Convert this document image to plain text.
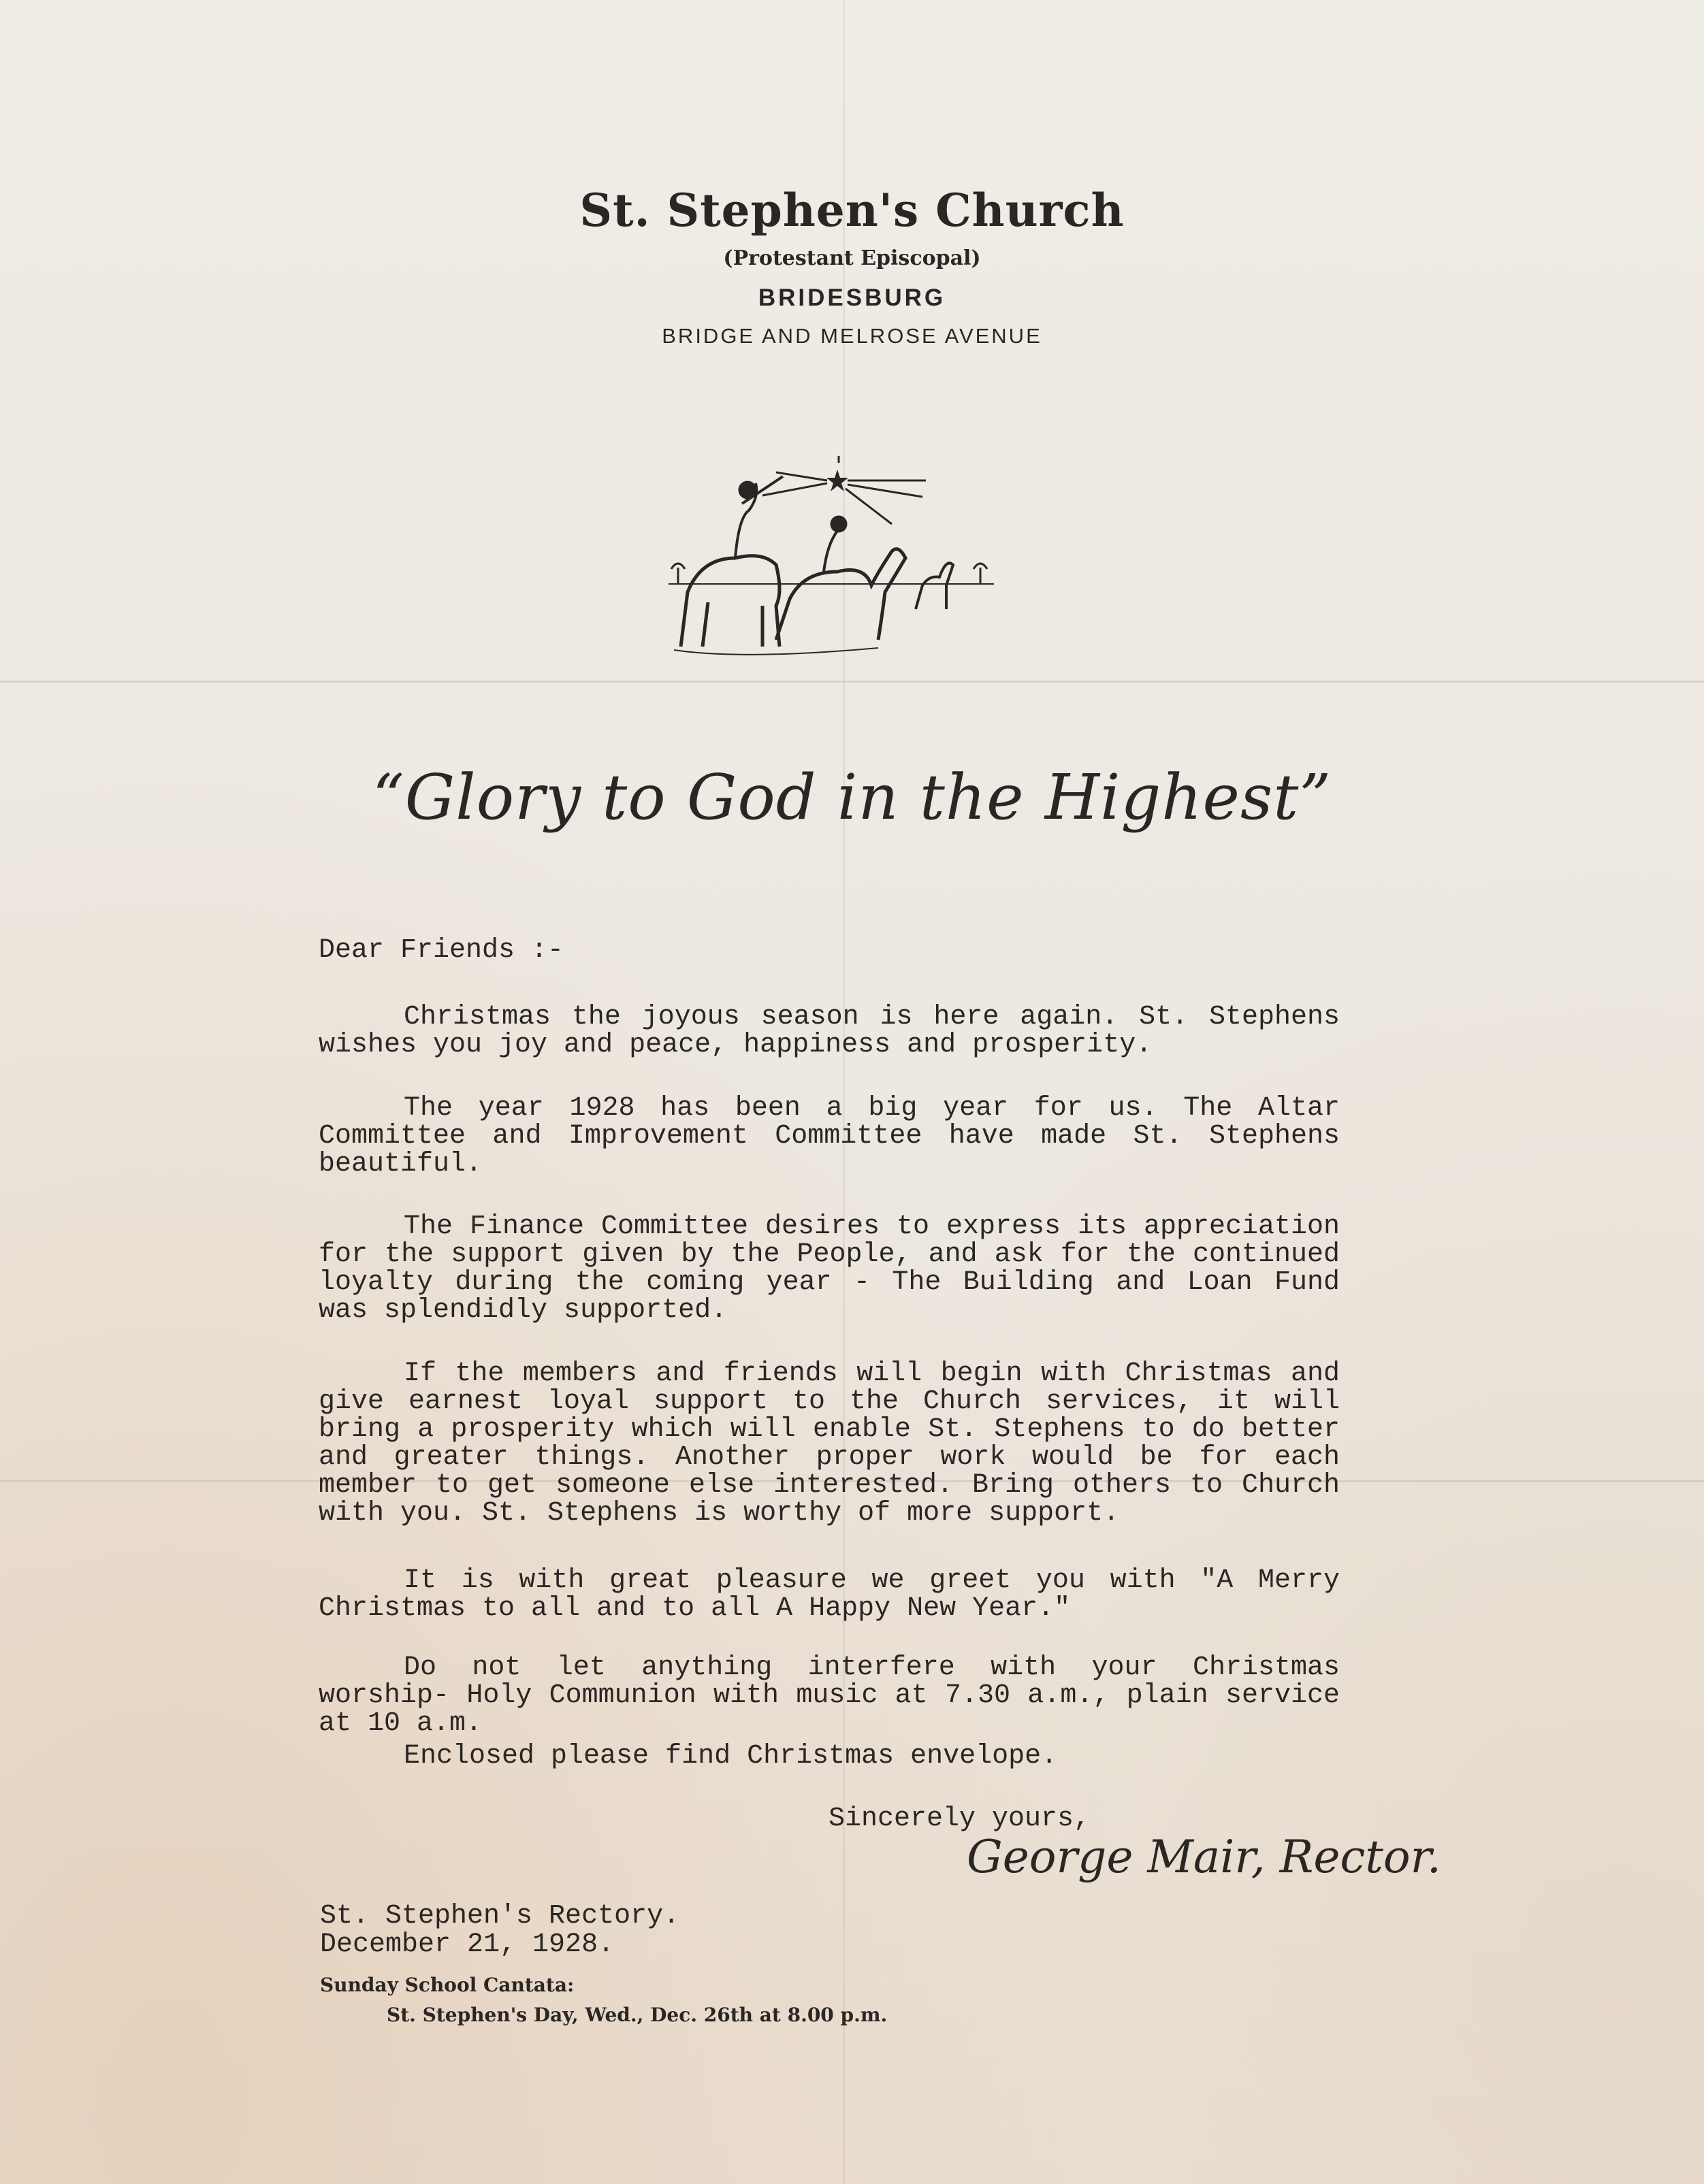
St. Stephen's Church
(Protestant Episcopal)
BRIDESBURG
BRIDGE AND MELROSE AVENUE
“Glory to God in the Highest”
Dear Friends :-
Christmas the joyous season is here again. St. Stephens wishes you joy and peace, happiness and prosperity.
The year 1928 has been a big year for us. The Altar Committee and Improvement Committee have made St. Stephens beautiful.
The Finance Committee desires to express its appreciation for the support given by the People, and ask for the continued loyalty during the coming year - The Building and Loan Fund was splendidly supported.
If the members and friends will begin with Christmas and give earnest loyal support to the Church services, it will bring a prosperity which will enable St. Stephens to do better and greater things. Another proper work would be for each member to get someone else interested. Bring others to Church with you. St. Stephens is worthy of more support.
It is with great pleasure we greet you with "A Merry Christmas to all and to all A Happy New Year."
Do not let anything interfere with your Christmas worship- Holy Communion with music at 7.30 a.m., plain service at 10 a.m.
Enclosed please find Christmas envelope.
Sincerely yours,
George Mair, Rector.
St. Stephen's Rectory.
December 21, 1928.
Sunday School Cantata:
St. Stephen's Day, Wed., Dec. 26th at 8.00 p.m.
